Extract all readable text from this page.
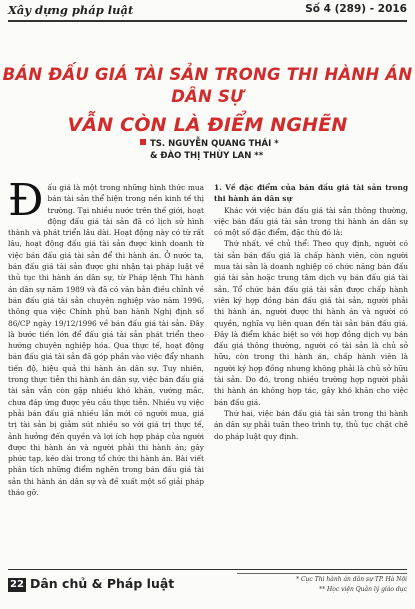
Xây dựng pháp luật	Số 4 (289) - 2016
BÁN ĐẤU GIÁ TÀI SẢN TRONG THI HÀNH ÁN DÂN SỰ
VẪN CÒN LÀ ĐIỂM NGHẼN
TS. NGUYỄN QUANG THÁI *
& ĐÀO THỊ THÙY LAN **
Đ ấu giá là một trong những hình thức mua bán tài sản thể hiện trong nền kinh tế thị trường. Tại nhiều nước trên thế giới, hoạt động đấu giá tài sản đã có lịch sử hình thành và phát triển lâu dài. Hoạt động này có từ rất lâu, hoạt động đấu giá tài sản được kinh doanh từ việc bán đấu giá tài sản để thi hành án. Ở nước ta, bán đấu giá tài sản được ghi nhận tại pháp luật về thủ tục thi hành án dân sự, từ Pháp lệnh Thi hành án dân sự năm 1989 và đã có văn bản điều chỉnh về bán đấu giá tài sản chuyên nghiệp vào năm 1996, thông qua việc Chính phủ ban hành Nghị định số 86/CP ngày 19/12/1996 về bán đấu giá tài sản. Đây là bước tiến lớn để đấu giá tài sản phát triển theo hướng chuyên nghiệp hóa. Qua thực tế, hoạt động bán đấu giá tài sản đã góp phần vào việc đẩy nhanh tiến độ, hiệu quả thi hành án dân sự. Tuy nhiên, trong thực tiễn thi hành án dân sự, việc bán đấu giá tài sản vẫn còn gặp nhiều khó khăn, vướng mắc, chưa đáp ứng được yêu cầu thực tiễn. Nhiều vụ việc phải bán đấu giá nhiều lần mới có người mua, giá trị tài sản bị giảm sút nhiều so với giá trị thực tế, ảnh hưởng đến quyền và lợi ích hợp pháp của người được thi hành án và người phải thi hành án; gây phức tạp, kéo dài trong tổ chức thi hành án. Bài viết phân tích những điểm nghẽn trong bán đấu giá tài sản thi hành án dân sự và đề xuất một số giải pháp tháo gỡ.

1. Về đặc điểm của bán đấu giá tài sản trong thi hành án dân sự

Khác với việc bán đấu giá tài sản thông thường, việc bán đấu giá tài sản trong thi hành án dân sự có một số đặc điểm, đặc thù đó là:

Thứ nhất, về chủ thể: Theo quy định, người có tài sản bán đấu giá là chấp hành viên, còn người mua tài sản là doanh nghiệp có chức năng bán đấu giá tài sản hoặc trung tâm dịch vụ bán đấu giá tài sản. Tổ chức bán đấu giá tài sản được chấp hành viên ký hợp đồng bán đấu giá tài sản, người phải thi hành án, người được thi hành án và người có quyền, nghĩa vụ liên quan đến tài sản bán đấu giá. Đây là điểm khác biệt so với hợp đồng dịch vụ bán đấu giá thông thường, người có tài sản là chủ sở hữu, còn trong thi hành án, chấp hành viên là người ký hợp đồng nhưng không phải là chủ sở hữu tài sản. Do đó, trong nhiều trường hợp người phải thi hành án không hợp tác, gây khó khăn cho việc bán đấu giá.

Thứ hai, việc bán đấu giá tài sản trong thi hành án dân sự phải tuân theo trình tự, thủ tục chặt chẽ do pháp luật quy định.

22 Dân chủ & Pháp luật	* Cục Thi hành án dân sự TP. Hà Nội
** Học viện Quản lý giáo dục
